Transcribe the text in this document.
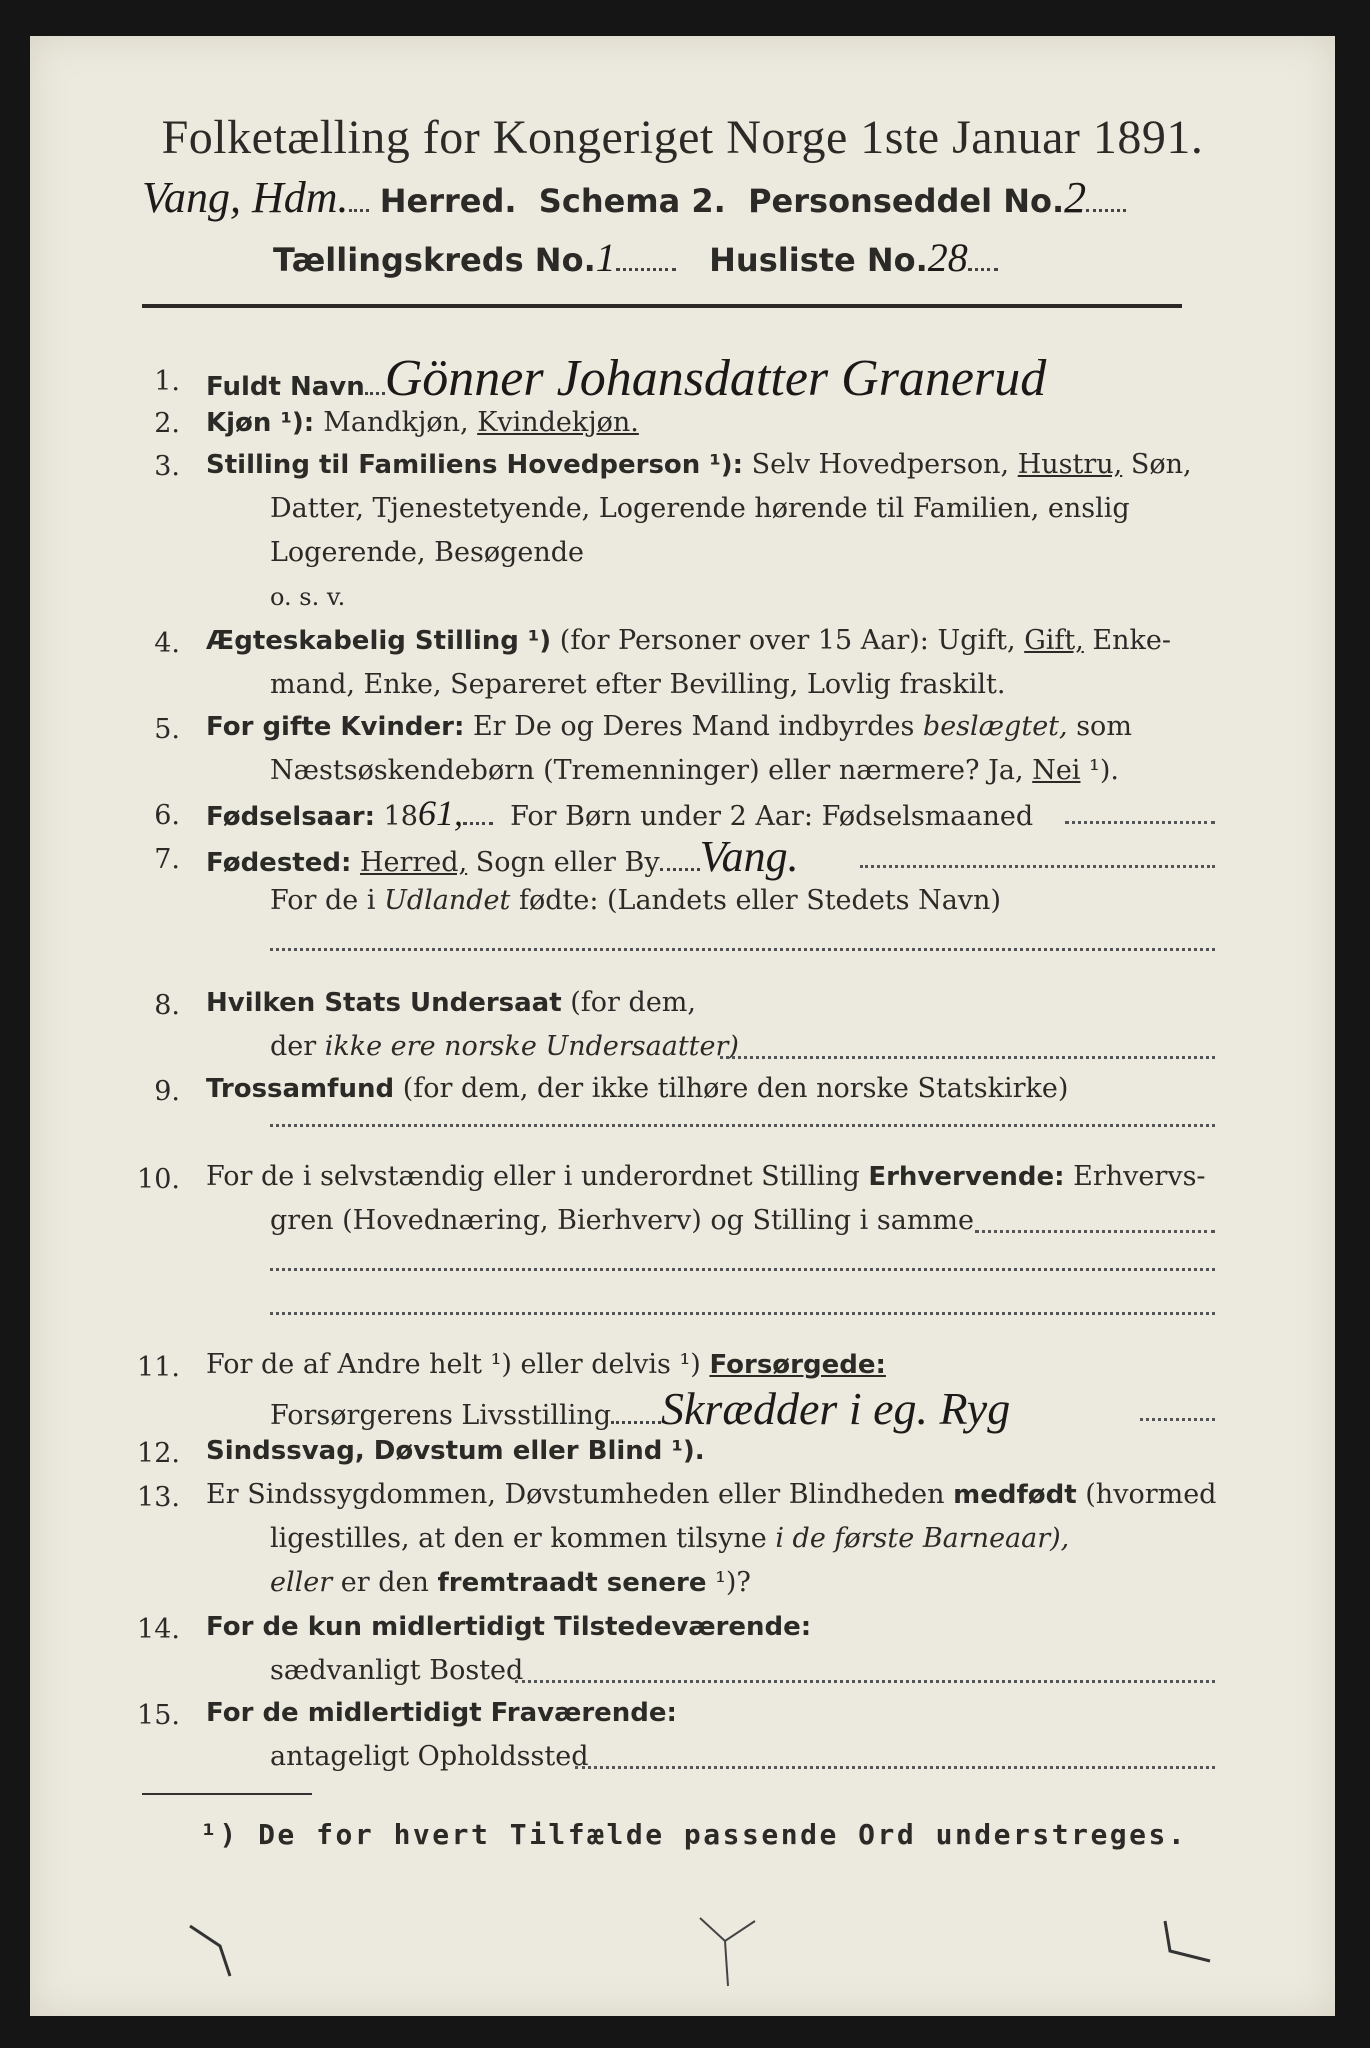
Folketælling for Kongeriget Norge 1ste Januar 1891.
Vang, Hdm. Herred. Schema 2. Personseddel No.2
Tællingskreds No.1	Husliste No.28
1. Fuldt Navn Gönner Johansdatter Granerud
2. Kjøn ¹): Mandkjøn, Kvindekjøn.
3. Stilling til Familiens Hovedperson ¹): Selv Hovedperson, Hustru, Søn,
Datter, Tjenestetyende, Logerende hørende til Familien, enslig
Logerende, Besøgende
o. s. v.
4. Ægteskabelig Stilling ¹) (for Personer over 15 Aar): Ugift, Gift, Enke-
mand, Enke, Separeret efter Bevilling, Lovlig fraskilt.
5. For gifte Kvinder: Er De og Deres Mand indbyrdes beslægtet, som
Næstsøskendebørn (Tremenninger) eller nærmere? Ja, Nei ¹).
6. Fødselsaar: 1861, For Børn under 2 Aar: Fødselsmaaned
7. Fødested: Herred, Sogn eller By Vang.
For de i Udlandet fødte: (Landets eller Stedets Navn)
8. Hvilken Stats Undersaat (for dem,
der ikke ere norske Undersaatter)
9. Trossamfund (for dem, der ikke tilhøre den norske Statskirke)
10. For de i selvstændig eller i underordnet Stilling Erhvervende: Erhvervs-
gren (Hovednæring, Bierhverv) og Stilling i samme
11. For de af Andre helt ¹) eller delvis ¹) Forsørgede:
Forsørgerens Livsstilling Skrædder i eg. Ryg
12. Sindssvag, Døvstum eller Blind ¹).
13. Er Sindssygdommen, Døvstumheden eller Blindheden medfødt (hvormed
ligestilles, at den er kommen tilsyne i de første Barneaar),
eller er den fremtraadt senere ¹)?
14. For de kun midlertidigt Tilstedeværende:
sædvanligt Bosted
15. For de midlertidigt Fraværende:
antageligt Opholdssted
¹) De for hvert Tilfælde passende Ord understreges.
